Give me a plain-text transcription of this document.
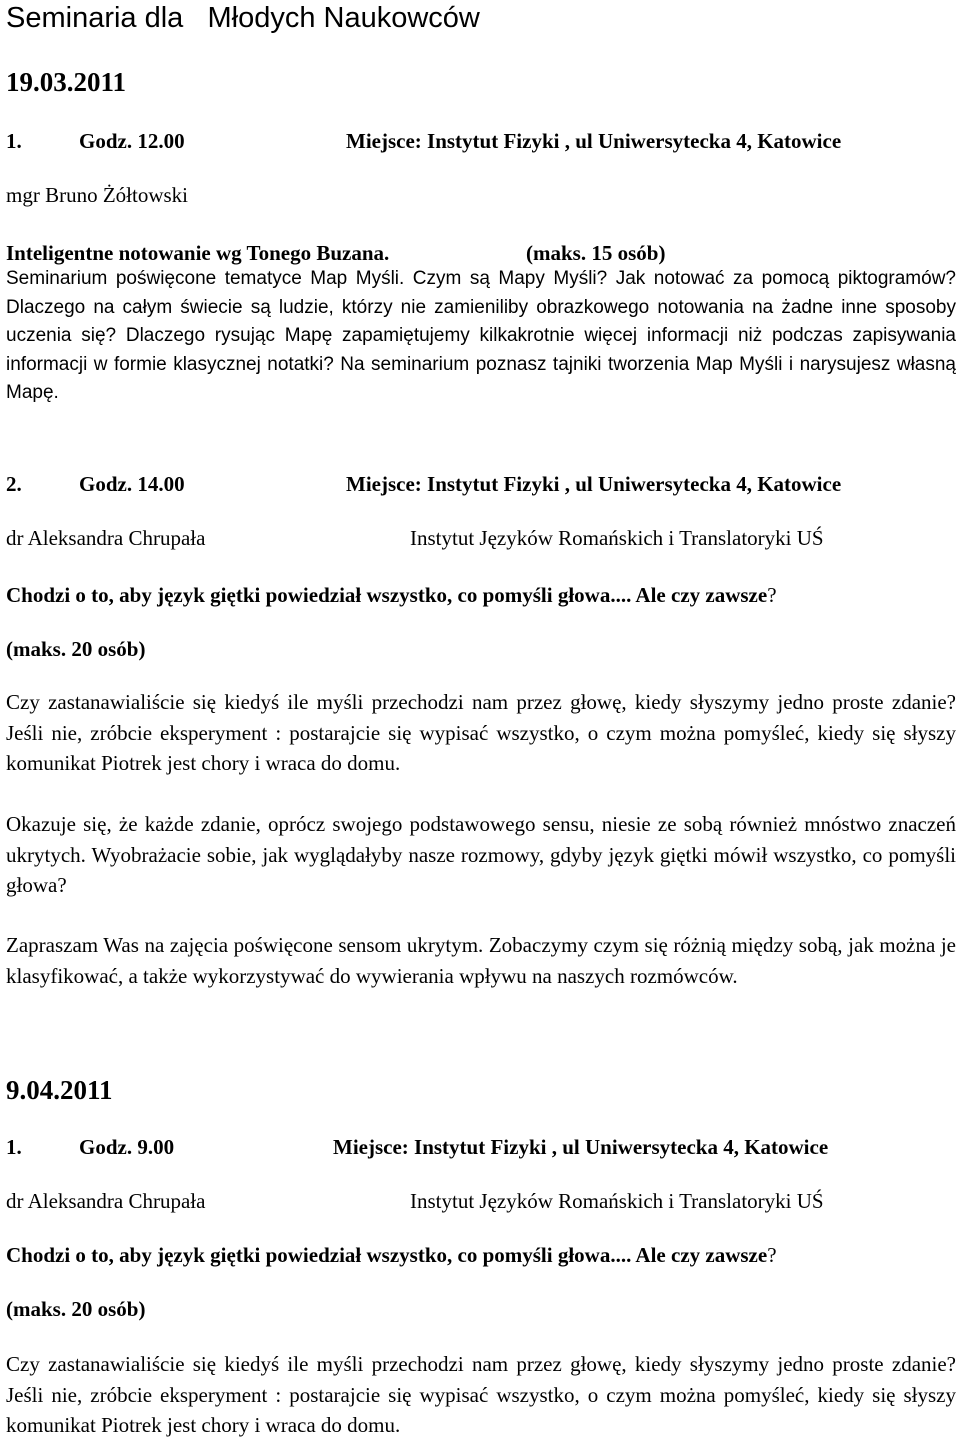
Seminaria dla   Młodych Naukowców
19.03.2011
1.	Godz. 12.00	Miejsce: Instytut Fizyki , ul Uniwersytecka 4, Katowice
mgr Bruno Żółtowski
Inteligentne notowanie wg Tonego Buzana.	(maks. 15 osób)

Seminarium poświęcone tematyce Map Myśli. Czym są Mapy Myśli? Jak notować za pomocą piktogramów? Dlaczego na całym świecie są ludzie, którzy nie zamieniliby obrazkowego notowania na żadne inne sposoby uczenia się? Dlaczego rysując Mapę zapamiętujemy kilkakrotnie więcej informacji niż podczas zapisywania informacji w formie klasycznej notatki? Na seminarium poznasz tajniki tworzenia Map Myśli i narysujesz własną Mapę.

2.	Godz. 14.00	Miejsce: Instytut Fizyki , ul Uniwersytecka 4, Katowice
dr Aleksandra Chrupała	Instytut Języków Romańskich i Translatoryki UŚ
Chodzi o to, aby język giętki powiedział wszystko, co pomyśli głowa.... Ale czy zawsze?
(maks. 20 osób)

Czy zastanawialiście się kiedyś ile myśli przechodzi nam przez głowę, kiedy słyszymy jedno proste zdanie? Jeśli nie, zróbcie eksperyment : postarajcie się wypisać wszystko, o czym można pomyśleć, kiedy się słyszy komunikat Piotrek jest chory i wraca do domu.

Okazuje się, że każde zdanie, oprócz swojego podstawowego sensu, niesie ze sobą również mnóstwo znaczeń ukrytych. Wyobrażacie sobie, jak wyglądałyby nasze rozmowy, gdyby język giętki mówił wszystko, co pomyśli głowa?

Zapraszam Was na zajęcia poświęcone sensom ukrytym. Zobaczymy czym się różnią między sobą, jak można je klasyfikować, a także wykorzystywać do wywierania wpływu na naszych rozmówców.

9.04.2011
1.	Godz. 9.00	Miejsce: Instytut Fizyki , ul Uniwersytecka 4, Katowice
dr Aleksandra Chrupała	Instytut Języków Romańskich i Translatoryki UŚ
Chodzi o to, aby język giętki powiedział wszystko, co pomyśli głowa.... Ale czy zawsze?
(maks. 20 osób)

Czy zastanawialiście się kiedyś ile myśli przechodzi nam przez głowę, kiedy słyszymy jedno proste zdanie? Jeśli nie, zróbcie eksperyment : postarajcie się wypisać wszystko, o czym można pomyśleć, kiedy się słyszy komunikat Piotrek jest chory i wraca do domu.
